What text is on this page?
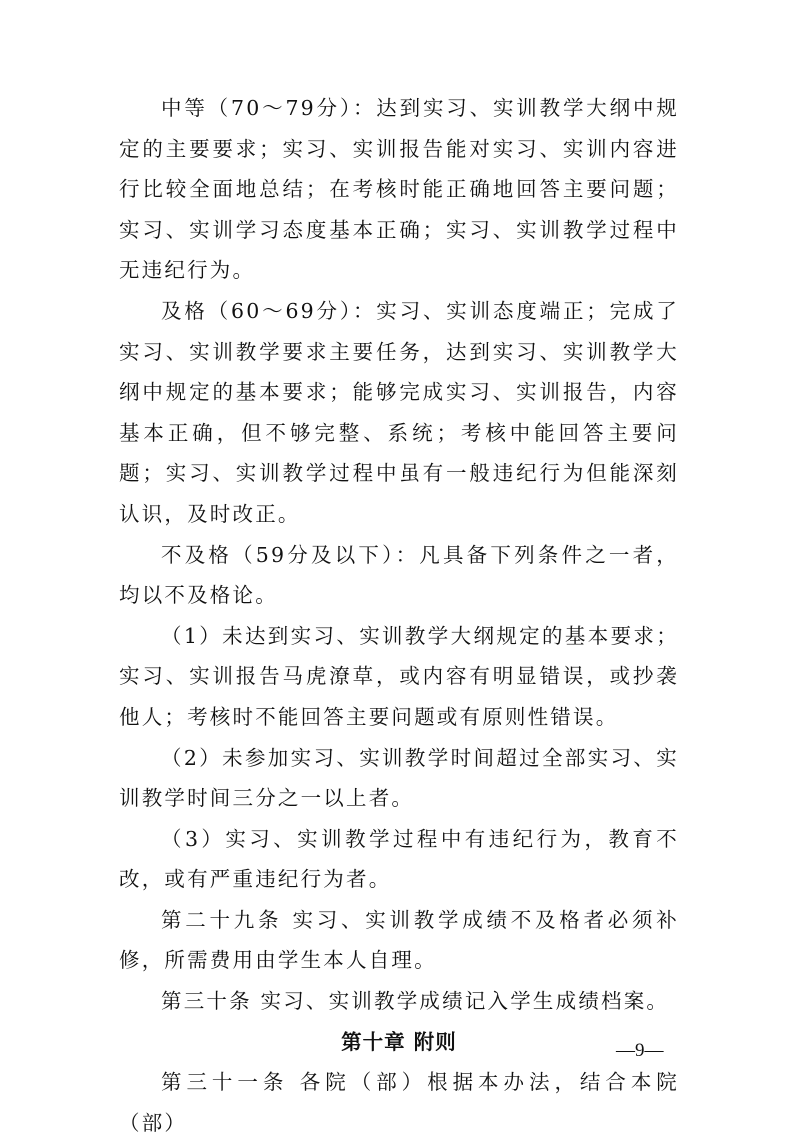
中等（70～79分）：达到实习、实训教学大纲中规定的主要要求；实习、实训报告能对实习、实训内容进行比较全面地总结；在考核时能正确地回答主要问题；实习、实训学习态度基本正确；实习、实训教学过程中无违纪行为。

及格（60～69分）：实习、实训态度端正；完成了实习、实训教学要求主要任务，达到实习、实训教学大纲中规定的基本要求；能够完成实习、实训报告，内容基本正确，但不够完整、系统；考核中能回答主要问题；实习、实训教学过程中虽有一般违纪行为但能深刻认识，及时改正。

不及格（59分及以下）：凡具备下列条件之一者，均以不及格论。

（1）未达到实习、实训教学大纲规定的基本要求；实习、实训报告马虎潦草，或内容有明显错误，或抄袭他人；考核时不能回答主要问题或有原则性错误。

（2）未参加实习、实训教学时间超过全部实习、实训教学时间三分之一以上者。

（3）实习、实训教学过程中有违纪行为，教育不改，或有严重违纪行为者。

第二十九条 实习、实训教学成绩不及格者必须补修，所需费用由学生本人自理。

第三十条 实习、实训教学成绩记入学生成绩档案。

第十章 附则

第三十一条 各院（部）根据本办法，结合本院（部）

—9—
